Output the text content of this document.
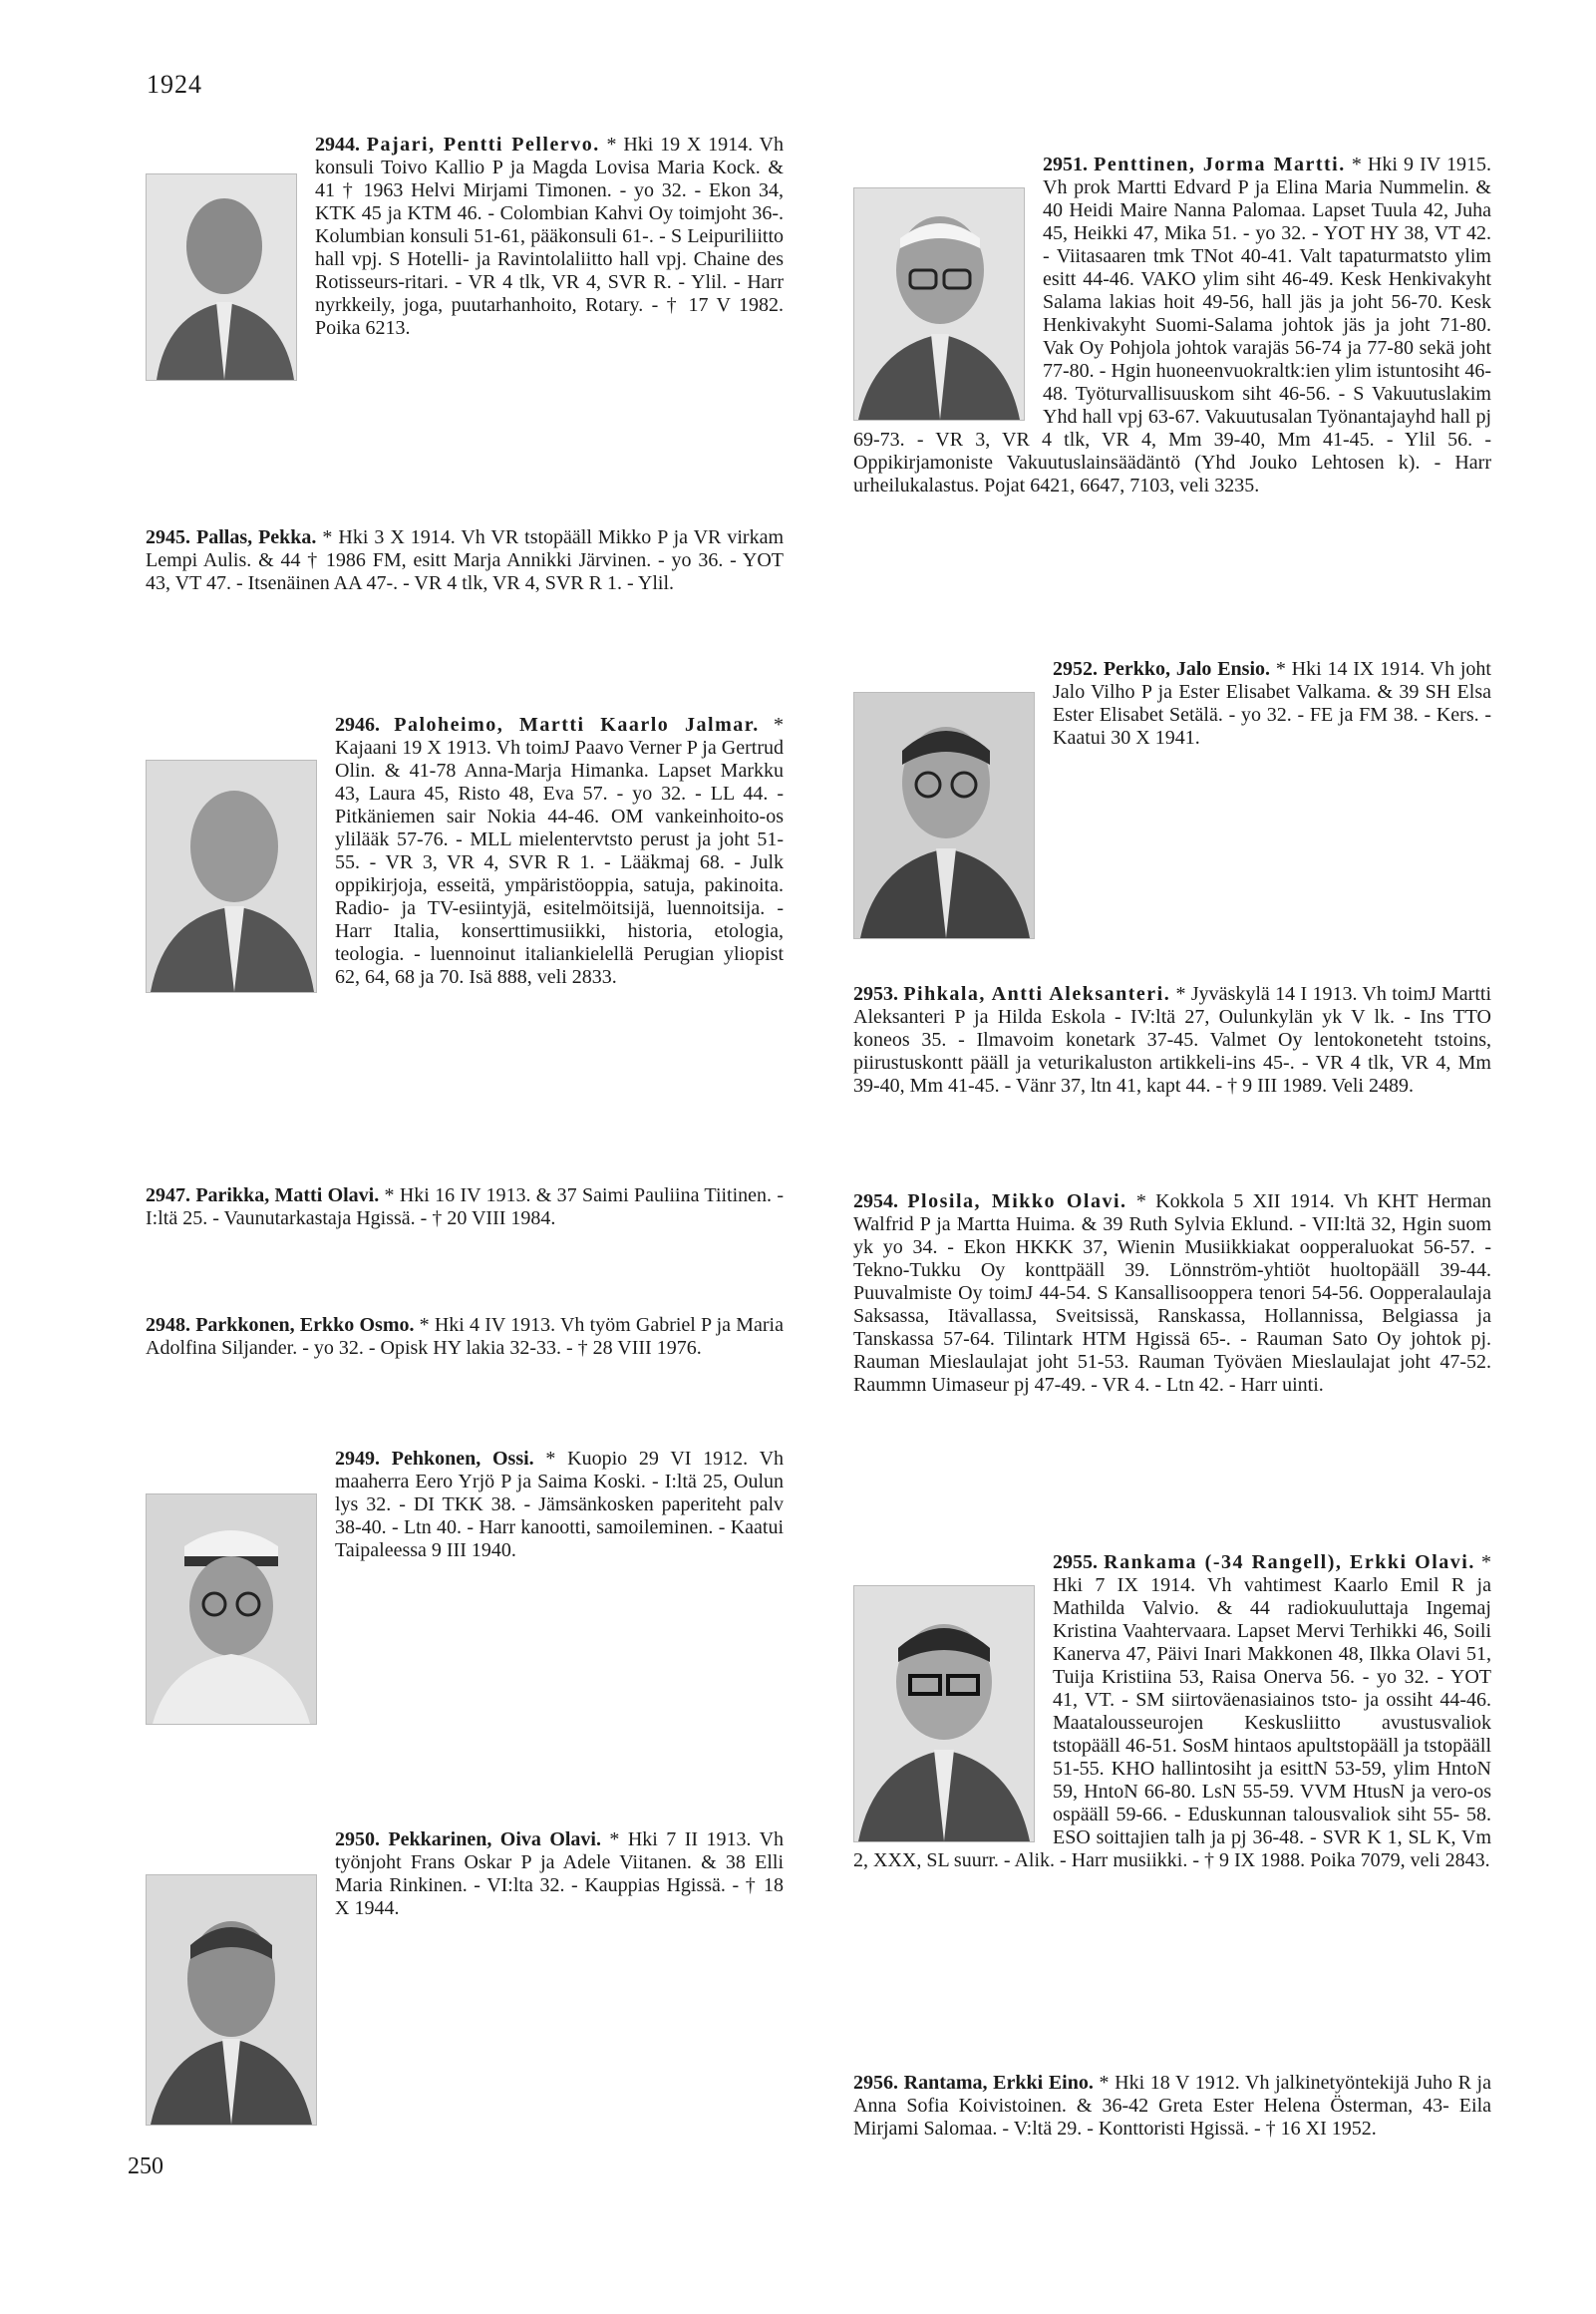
1924
2944. Pajari, Pentti Pellervo. * Hki 19 X 1914. Vh konsuli Toivo Kallio P ja Magda Lovisa Maria Kock. & 41 † 1963 Helvi Mirjami Timonen. - yo 32. - Ekon 34, KTK 45 ja KTM 46. - Colombian Kahvi Oy toimjoht 36-. Kolumbian konsuli 51-61, pääkonsuli 61-. - S Leipuriliitto hall vpj. S Hotelli- ja Ravintolaliitto hall vpj. Chaine des Rotisseurs-ritari. - VR 4 tlk, VR 4, SVR R. - Ylil. - Harr nyrkkeily, joga, puutarhanhoito, Rotary. - † 17 V 1982. Poika 6213.
2945. Pallas, Pekka. * Hki 3 X 1914. Vh VR tstopääll Mikko P ja VR virkam Lempi Aulis. & 44 † 1986 FM, esitt Marja Annikki Järvinen. - yo 36. - YOT 43, VT 47. - Itsenäinen AA 47-. - VR 4 tlk, VR 4, SVR R 1. - Ylil.
2946. Paloheimo, Martti Kaarlo Jalmar. * Kajaani 19 X 1913. Vh toimJ Paavo Verner P ja Gertrud Olin. & 41-78 Anna-Marja Himanka. Lapset Markku 43, Laura 45, Risto 48, Eva 57. - yo 32. - LL 44. - Pitkäniemen sair Nokia 44-46. OM vankeinhoito-os ylilääk 57-76. - MLL mielentervtsto perust ja joht 51-55. - VR 3, VR 4, SVR R 1. - Lääkmaj 68. - Julk oppikirjoja, esseitä, ympäristöoppia, satuja, pakinoita. Radio- ja TV-esiintyjä, esitelmöitsijä, luennoitsija. - Harr Italia, konserttimusiikki, historia, etologia, teologia. - luennoinut italiankielellä Perugian yliopist 62, 64, 68 ja 70. Isä 888, veli 2833.
2947. Parikka, Matti Olavi. * Hki 16 IV 1913. & 37 Saimi Pauliina Tiitinen. - I:ltä 25. - Vaunutarkastaja Hgissä. - † 20 VIII 1984.
2948. Parkkonen, Erkko Osmo. * Hki 4 IV 1913. Vh työm Gabriel P ja Maria Adolfina Siljander. - yo 32. - Opisk HY lakia 32-33. - † 28 VIII 1976.
2949. Pehkonen, Ossi. * Kuopio 29 VI 1912. Vh maaherra Eero Yrjö P ja Saima Koski. - I:ltä 25, Oulun lys 32. - DI TKK 38. - Jämsänkosken paperiteht palv 38-40. - Ltn 40. - Harr kanootti, samoileminen. - Kaatui Taipaleessa 9 III 1940.
2950. Pekkarinen, Oiva Olavi. * Hki 7 II 1913. Vh työnjoht Frans Oskar P ja Adele Viitanen. & 38 Elli Maria Rinkinen. - VI:lta 32. - Kauppias Hgissä. - † 18 X 1944.
2951. Penttinen, Jorma Martti. * Hki 9 IV 1915. Vh prok Martti Edvard P ja Elina Maria Nummelin. & 40 Heidi Maire Nanna Palomaa. Lapset Tuula 42, Juha 45, Heikki 47, Mika 51. - yo 32. - YOT HY 38, VT 42. - Viitasaaren tmk TNot 40-41. Valt tapaturmatsto ylim esitt 44-46. VAKO ylim siht 46-49. Kesk Henkivakyht Salama lakias hoit 49-56, hall jäs ja joht 56-70. Kesk Henkivakyht Suomi-Salama johtok jäs ja joht 71-80. Vak Oy Pohjola johtok varajäs 56-74 ja 77-80 sekä joht 77-80. - Hgin huoneenvuokraltk:ien ylim istuntosiht 46-48. Työturvallisuuskom siht 46-56. - S Vakuutuslakim Yhd hall vpj 63-67. Vakuutusalan Työnantajayhd hall pj 69-73. - VR 3, VR 4 tlk, VR 4, Mm 39-40, Mm 41-45. - Ylil 56. - Oppikirjamoniste Vakuutuslainsäädäntö (Yhd Jouko Lehtosen k). - Harr urheilukalastus. Pojat 6421, 6647, 7103, veli 3235.
2952. Perkko, Jalo Ensio. * Hki 14 IX 1914. Vh joht Jalo Vilho P ja Ester Elisabet Valkama. & 39 SH Elsa Ester Elisabet Setälä. - yo 32. - FE ja FM 38. - Kers. - Kaatui 30 X 1941.
2953. Pihkala, Antti Aleksanteri. * Jyväskylä 14 I 1913. Vh toimJ Martti Aleksanteri P ja Hilda Eskola - IV:ltä 27, Oulunkylän yk V lk. - Ins TTO koneos 35. - Ilmavoim konetark 37-45. Valmet Oy lentokoneteht tstoins, piirustuskontt pääll ja veturikaluston artikkeli-ins 45-. - VR 4 tlk, VR 4, Mm 39-40, Mm 41-45. - Vänr 37, ltn 41, kapt 44. - † 9 III 1989. Veli 2489.
2954. Plosila, Mikko Olavi. * Kokkola 5 XII 1914. Vh KHT Herman Walfrid P ja Martta Huima. & 39 Ruth Sylvia Eklund. - VII:ltä 32, Hgin suom yk yo 34. - Ekon HKKK 37, Wienin Musiikkiakat oopperaluokat 56-57. - Tekno-Tukku Oy konttpääll 39. Lönnström-yhtiöt huoltopääll 39-44. Puuvalmiste Oy toimJ 44-54. S Kansallisooppera tenori 54-56. Oopperalaulaja Saksassa, Itävallassa, Sveitsissä, Ranskassa, Hollannissa, Belgiassa ja Tanskassa 57-64. Tilintark HTM Hgissä 65-. - Rauman Sato Oy johtok pj. Rauman Mieslaulajat joht 51-53. Rauman Työväen Mieslaulajat joht 47-52. Raummn Uimaseur pj 47-49. - VR 4. - Ltn 42. - Harr uinti.
2955. Rankama (-34 Rangell), Erkki Olavi. * Hki 7 IX 1914. Vh vahtimest Kaarlo Emil R ja Mathilda Valvio. & 44 radiokuuluttaja Ingemaj Kristina Vaahtervaara. Lapset Mervi Terhikki 46, Soili Kanerva 47, Päivi Inari Makkonen 48, Ilkka Olavi 51, Tuija Kristiina 53, Raisa Onerva 56. - yo 32. - YOT 41, VT. - SM siirtoväenasiainos tsto- ja ossiht 44-46. Maatalousseurojen Keskusliitto avustusvaliok tstopääll 46-51. SosM hintaos apultstopääll ja tstopääll 51-55. KHO hallintosiht ja esittN 53-59, ylim HntoN 59, HntoN 66-80. LsN 55-59. VVM HtusN ja vero-os ospääll 59-66. - Eduskunnan talousvaliok siht 55- 58. ESO soittajien talh ja pj 36-48. - SVR K 1, SL K, Vm 2, XXX, SL suurr. - Alik. - Harr musiikki. - † 9 IX 1988. Poika 7079, veli 2843.
2956. Rantama, Erkki Eino. * Hki 18 V 1912. Vh jalkinetyöntekijä Juho R ja Anna Sofia Koivistoinen. & 36-42 Greta Ester Helena Österman, 43- Eila Mirjami Salomaa. - V:ltä 29. - Konttoristi Hgissä. - † 16 XI 1952.
250
